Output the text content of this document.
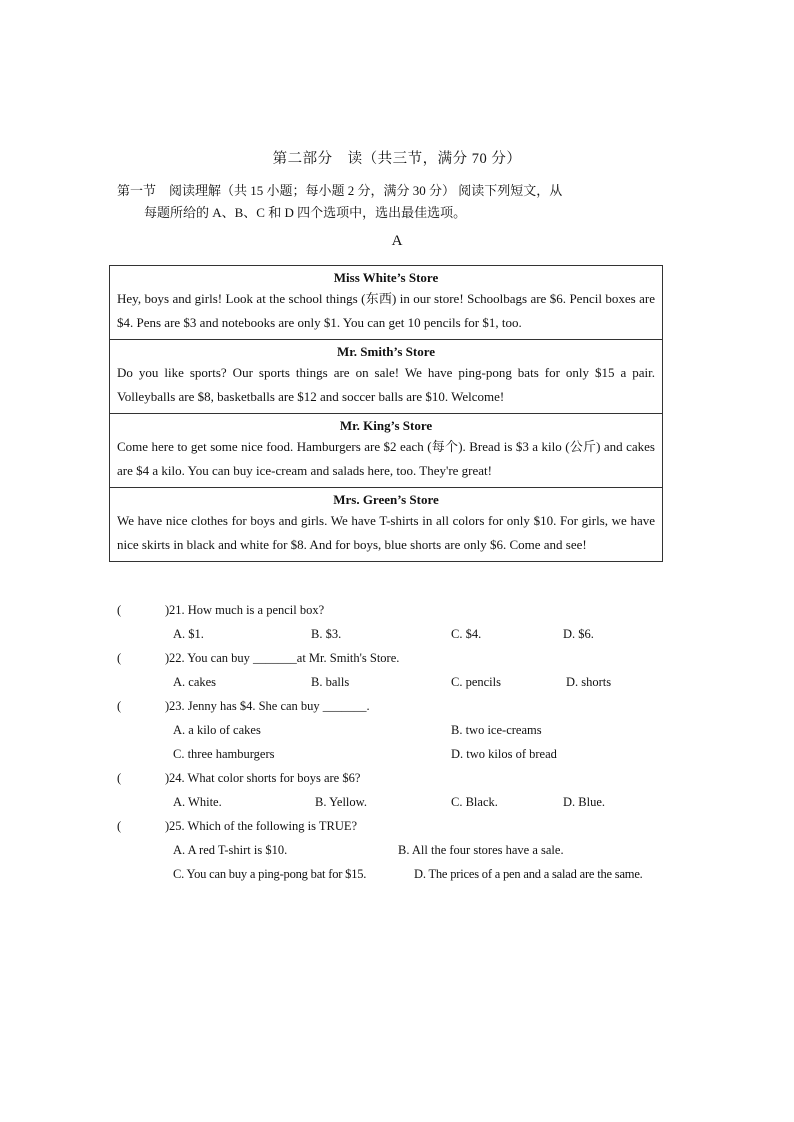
第二部分　读（共三节，满分 70 分）
第一节　阅读理解（共 15 小题；每小题 2 分，满分 30 分） 阅读下列短文，从
每题所给的 A、B、C 和 D 四个选项中，选出最佳选项。
A
Miss White’s Store
Hey, boys and girls! Look at the school things (东西) in our store! Schoolbags are $6. Pencil boxes are $4. Pens are $3 and notebooks are only $1. You can get 10 pencils for $1, too.
Mr. Smith’s Store
Do you like sports? Our sports things are on sale! We have ping-pong bats for only $15 a pair. Volleyballs are $8, basketballs are $12 and soccer balls are $10. Welcome!
Mr. King’s Store
Come here to get some nice food. Hamburgers are $2 each (每个). Bread is $3 a kilo (公斤) and cakes are $4 a kilo. You can buy ice-cream and salads here, too. They're great!
Mrs. Green’s Store
We have nice clothes for boys and girls. We have T-shirts in all colors for only $10. For girls, we have nice skirts in black and white for $8. And for boys, blue shorts are only $6. Come and see!
(	) 21. How much is a pencil box?
A. $1.	B. $3.	C. $4.	D. $6.
(	) 22. You can buy _______at Mr. Smith's Store.
A. cakes	B. balls	C. pencils	D. shorts
(	) 23. Jenny has $4. She can buy _______.
A. a kilo of cakes	B. two ice-creams
C. three hamburgers	D. two kilos of bread
(	) 24. What color shorts for boys are $6?
A. White.	B. Yellow.	C. Black.	D. Blue.
(	) 25. Which of the following is TRUE?
A. A red T-shirt is $10.	B. All the four stores have a sale.
C. You can buy a ping-pong bat for $15.	D. The prices of a pen and a salad are the same.
